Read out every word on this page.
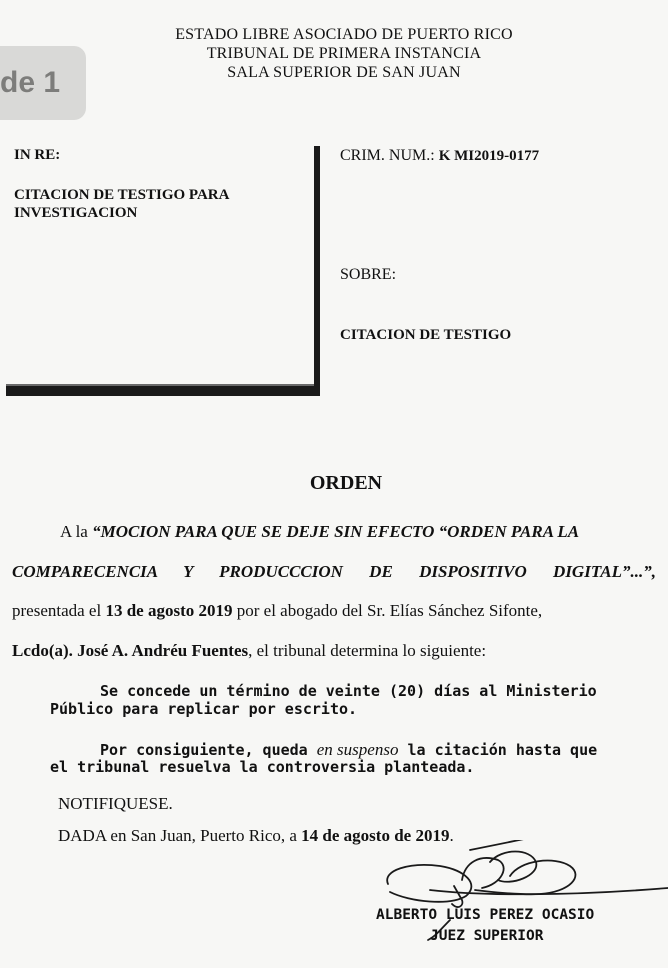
ESTADO LIBRE ASOCIADO DE PUERTO RICO
TRIBUNAL DE PRIMERA INSTANCIA
SALA SUPERIOR DE SAN JUAN
de 1
IN RE:
CITACION DE TESTIGO PARA
INVESTIGACION
CRIM. NUM.: K MI2019-0177
SOBRE:
CITACION DE TESTIGO
ORDEN
A la “MOCION PARA QUE SE DEJE SIN EFECTO “ORDEN PARA LA
COMPARECENCIA Y PRODUCCCION DE DISPOSITIVO DIGITAL”...”,
presentada el 13 de agosto 2019 por el abogado del Sr. Elías Sánchez Sifonte,
Lcdo(a). José A. Andréu Fuentes, el tribunal determina lo siguiente:
Se concede un término de veinte (20) días al Ministerio
Público para replicar por escrito.
Por consiguiente, queda en suspenso la citación hasta que
el tribunal resuelva la controversia planteada.
NOTIFIQUESE.
DADA en San Juan, Puerto Rico, a 14 de agosto de 2019.
ALBERTO LUIS PEREZ OCASIO
JUEZ SUPERIOR
